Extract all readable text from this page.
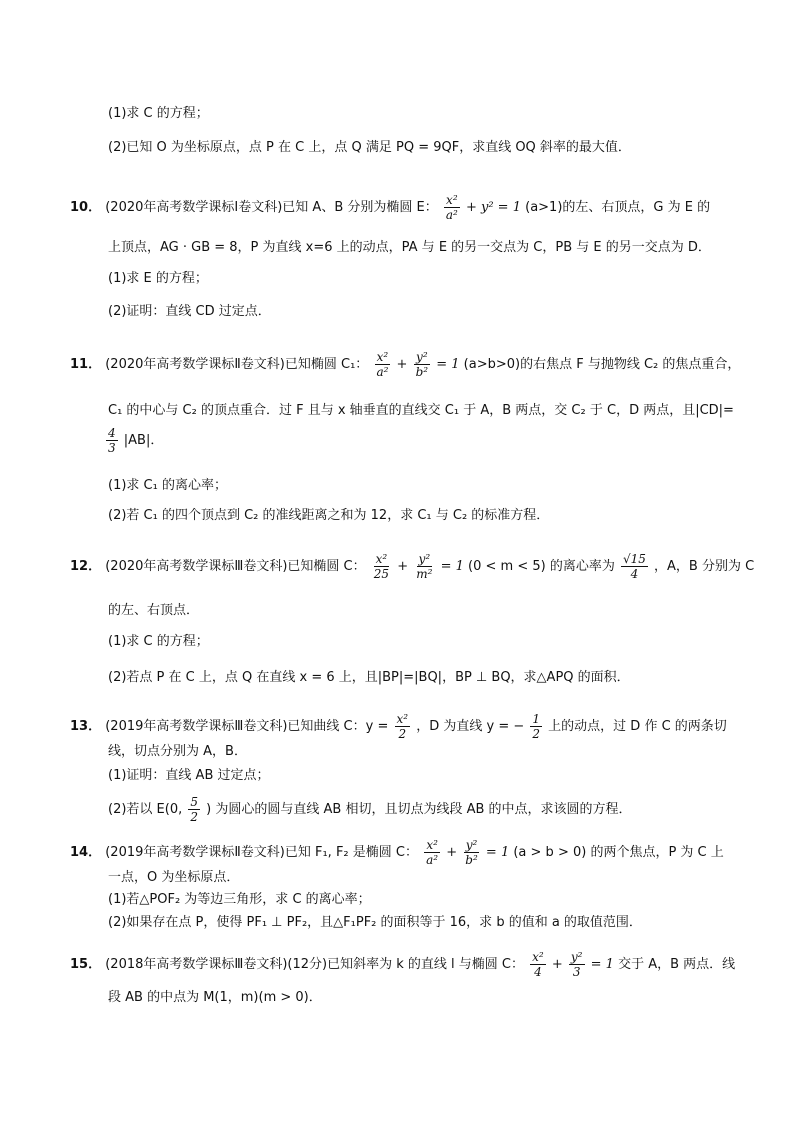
(1)求 C 的方程；
(2)已知 O 为坐标原点，点 P 在 C 上，点 Q 满足 PQ = 9QF，求直线 OQ 斜率的最大值．
10． (2020年高考数学课标Ⅰ卷文科)已知 A、B 分别为椭圆 E： $\frac{\text{x²}}{\text{a²}} + y^2 = 1$ (a>1)的左、右顶点，G 为 E 的
上顶点，AG · GB = 8，P 为直线 x=6 上的动点，PA 与 E 的另一交点为 C，PB 与 E 的另一交点为 D．
(1)求 E 的方程；
(2)证明：直线 CD 过定点．
11． (2020年高考数学课标Ⅱ卷文科)已知椭圆 C₁： $\frac{\text{x²}}{\text{a²}} + \frac{\text{y²}}{\text{b²}} = 1$ (a>b>0)的右焦点 F 与抛物线 C₂ 的焦点重合，
C₁ 的中心与 C₂ 的顶点重合．过 F 且与 x 轴垂直的直线交 C₁ 于 A，B 两点，交 C₂ 于 C，D 两点，且|CD|=
$\frac{4}{3} |AB|$．
(1)求 C₁ 的离心率；
(2)若 C₁ 的四个顶点到 C₂ 的准线距离之和为 12，求 C₁ 与 C₂ 的标准方程．
12． (2020年高考数学课标Ⅲ卷文科)已知椭圆 C： $\frac{\text{x²}}{25} + \frac{\text{y²}}{\text{m²}} = 1$ (0 < m < 5) 的离心率为 $\frac{√15}{4}$ ，A，B 分别为 C
的左、右顶点．
(1)求 C 的方程；
(2)若点 P 在 C 上，点 Q 在直线 x = 6 上，且|BP|=|BQ|，BP ⊥ BQ，求△APQ 的面积．
13． (2019年高考数学课标Ⅲ卷文科)已知曲线 C：$y = \frac{\text{x²}}{2}$ ，D 为直线 y = − $\frac{1}{2}$ 上的动点，过 D 作 C 的两条切
线，切点分别为 A，B．
(1)证明：直线 AB 过定点；
(2)若以 E(0, $\frac{5}{2}$ ) 为圆心的圆与直线 AB 相切，且切点为线段 AB 的中点，求该圆的方程．
14． (2019年高考数学课标Ⅱ卷文科)已知 F₁, F₂ 是椭圆 C： $\frac{\text{x²}}{\text{a²}} + \frac{\text{y²}}{\text{b²}} = 1$ (a > b > 0) 的两个焦点，P 为 C 上
一点，O 为坐标原点．
(1)若△POF₂ 为等边三角形，求 C 的离心率；
(2)如果存在点 P，使得 PF₁ ⊥ PF₂，且△F₁PF₂ 的面积等于 16，求 b 的值和 a 的取值范围．
15． (2018年高考数学课标Ⅲ卷文科)(12分)已知斜率为 k 的直线 l 与椭圆 C： $\frac{\text{x²}}{4} + \frac{\text{y²}}{3} = 1$ 交于 A，B 两点．线
段 AB 的中点为 M(1，m)(m > 0)．
